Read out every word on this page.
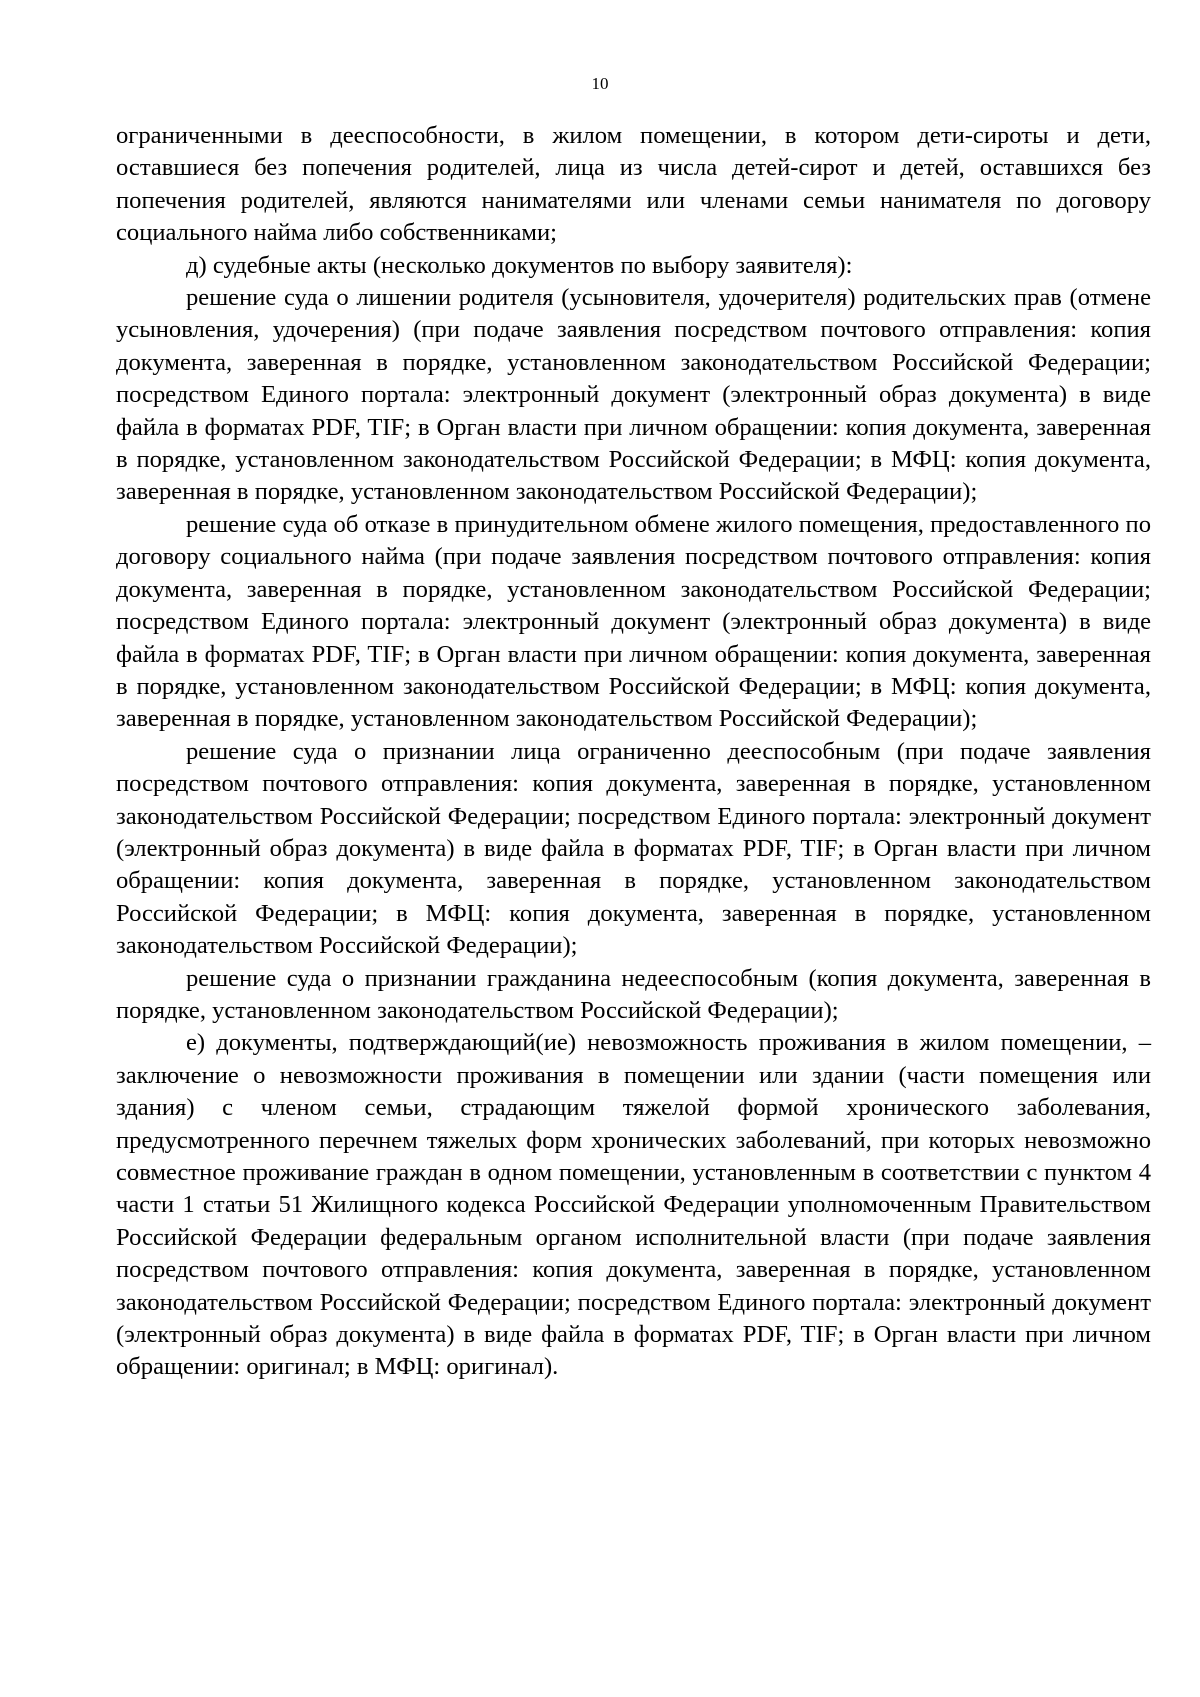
10

ограниченными в дееспособности, в жилом помещении, в котором дети-сироты и дети, оставшиеся без попечения родителей, лица из числа детей-сирот и детей, оставшихся без попечения родителей, являются нанимателями или членами семьи нанимателя по договору социального найма либо собственниками;

д) судебные акты (несколько документов по выбору заявителя):

решение суда о лишении родителя (усыновителя, удочерителя) родительских прав (отмене усыновления, удочерения) (при подаче заявления посредством почтового отправления: копия документа, заверенная в порядке, установленном законодательством Российской Федерации; посредством Единого портала: электронный документ (электронный образ документа) в виде файла в форматах PDF, TIF; в Орган власти при личном обращении: копия документа, заверенная в порядке, установленном законодательством Российской Федерации; в МФЦ: копия документа, заверенная в порядке, установленном законодательством Российской Федерации);

решение суда об отказе в принудительном обмене жилого помещения, предоставленного по договору социального найма (при подаче заявления посредством почтового отправления: копия документа, заверенная в порядке, установленном законодательством Российской Федерации; посредством Единого портала: электронный документ (электронный образ документа) в виде файла в форматах PDF, TIF; в Орган власти при личном обращении: копия документа, заверенная в порядке, установленном законодательством Российской Федерации; в МФЦ: копия документа, заверенная в порядке, установленном законодательством Российской Федерации);

решение суда о признании лица ограниченно дееспособным (при подаче заявления посредством почтового отправления: копия документа, заверенная в порядке, установленном законодательством Российской Федерации; посредством Единого портала: электронный документ (электронный образ документа) в виде файла в форматах PDF, TIF; в Орган власти при личном обращении: копия документа, заверенная в порядке, установленном законодательством Российской Федерации; в МФЦ: копия документа, заверенная в порядке, установленном законодательством Российской Федерации);

решение суда о признании гражданина недееспособным (копия документа, заверенная в порядке, установленном законодательством Российской Федерации);

е) документы, подтверждающий(ие) невозможность проживания в жилом помещении, – заключение о невозможности проживания в помещении или здании (части помещения или здания) с членом семьи, страдающим тяжелой формой хронического заболевания, предусмотренного перечнем тяжелых форм хронических заболеваний, при которых невозможно совместное проживание граждан в одном помещении, установленным в соответствии с пунктом 4 части 1 статьи 51 Жилищного кодекса Российской Федерации уполномоченным Правительством Российской Федерации федеральным органом исполнительной власти (при подаче заявления посредством почтового отправления: копия документа, заверенная в порядке, установленном законодательством Российской Федерации; посредством Единого портала: электронный документ (электронный образ документа) в виде файла в форматах PDF, TIF; в Орган власти при личном обращении: оригинал; в МФЦ: оригинал).
